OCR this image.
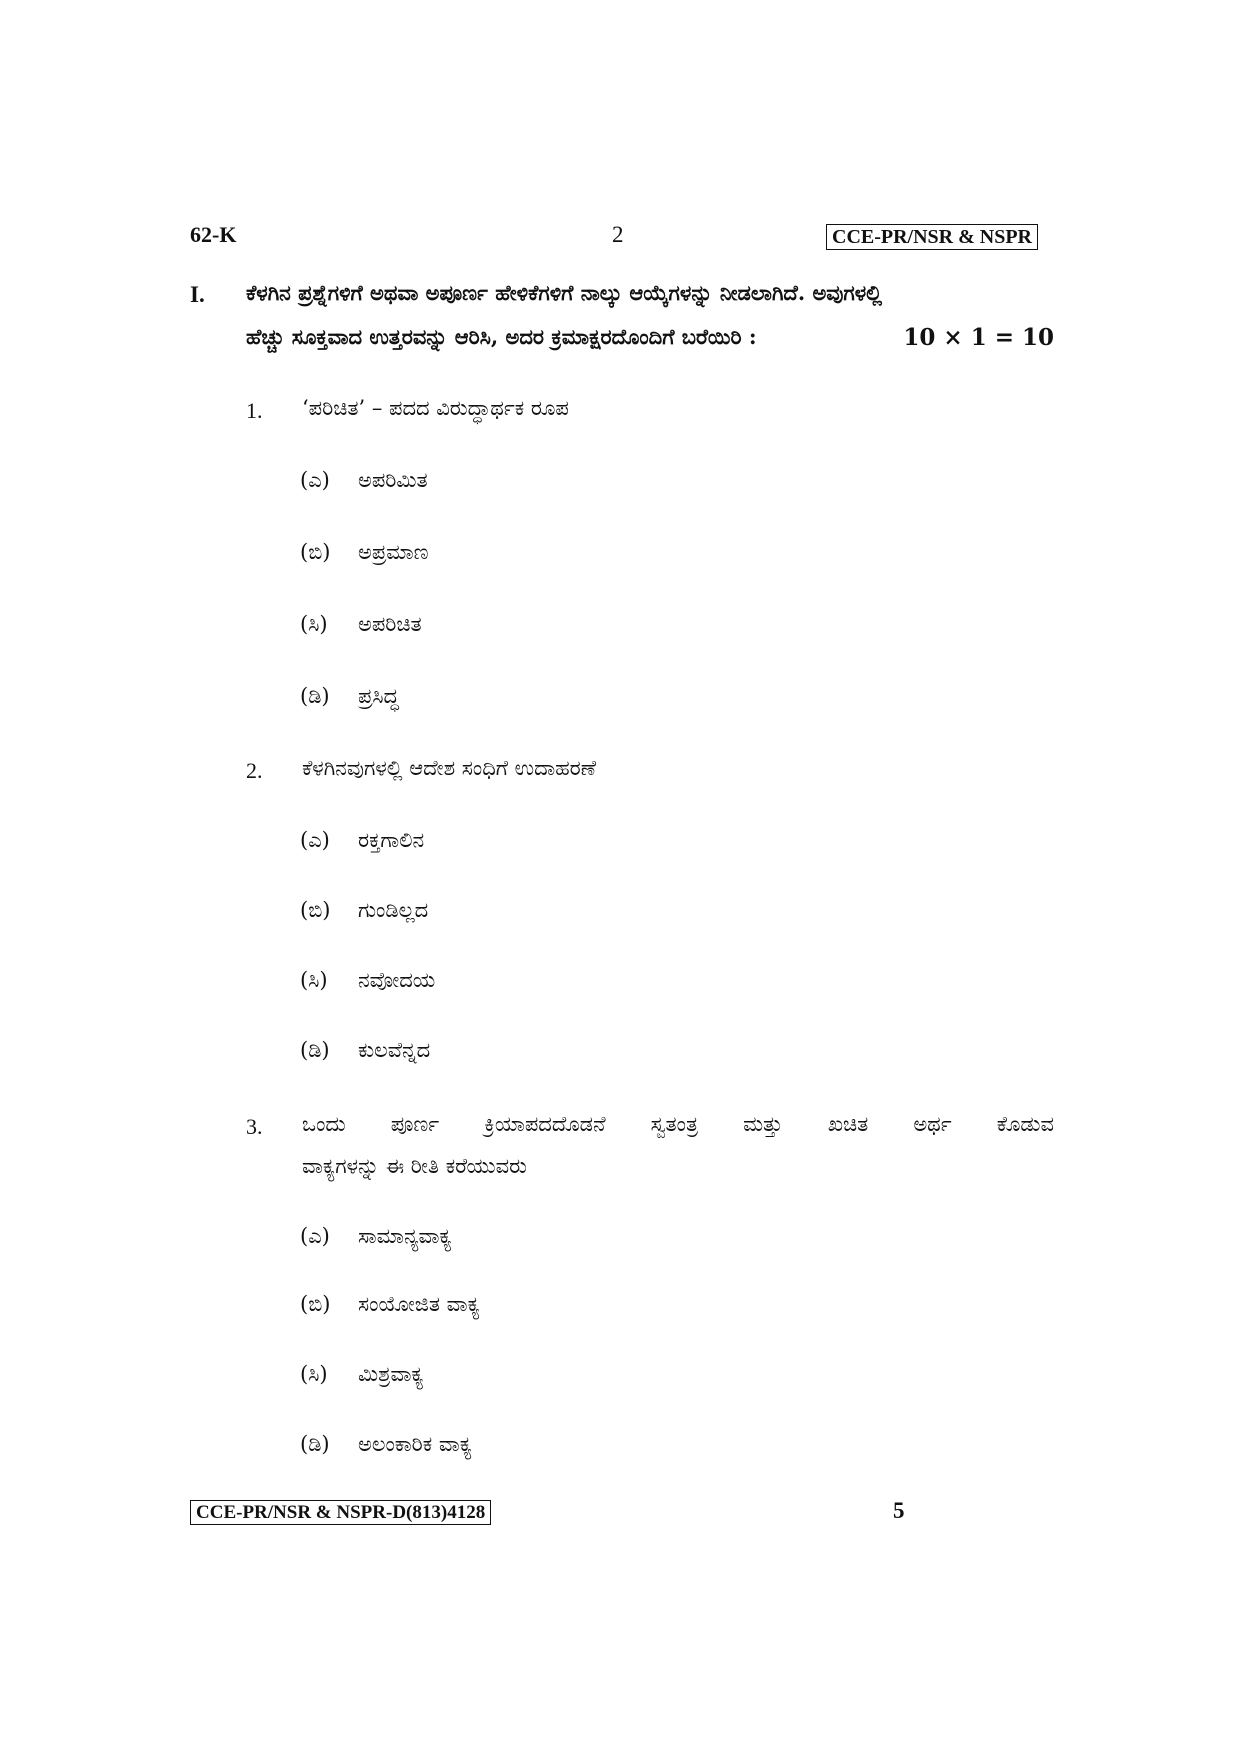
62-K	2	CCE-PR/NSR & NSPR
I. ಕೆಳಗಿನ ಪ್ರಶ್ನೆಗಳಿಗೆ ಅಥವಾ ಅಪೂರ್ಣ ಹೇಳಿಕೆಗಳಿಗೆ ನಾಲ್ಕು ಆಯ್ಕೆಗಳನ್ನು ನೀಡಲಾಗಿದೆ. ಅವುಗಳಲ್ಲಿ
ಹೆಚ್ಚು ಸೂಕ್ತವಾದ ಉತ್ತರವನ್ನು ಆರಿಸಿ, ಅದರ ಕ್ರಮಾಕ್ಷರದೊಂದಿಗೆ ಬರೆಯಿರಿ :	10 × 1 = 10
1. ‘ಪರಿಚಿತ’ – ಪದದ ವಿರುದ್ಧಾರ್ಥಕ ರೂಪ
(ಎ) ಅಪರಿಮಿತ
(ಬಿ) ಅಪ್ರಮಾಣ
(ಸಿ) ಅಪರಿಚಿತ
(ಡಿ) ಪ್ರಸಿದ್ಧ
2. ಕೆಳಗಿನವುಗಳಲ್ಲಿ ಆದೇಶ ಸಂಧಿಗೆ ಉದಾಹರಣೆ
(ಎ) ರಕ್ತಗಾಲಿನ
(ಬಿ) ಗುಂಡಿಲ್ಲದ
(ಸಿ) ನವೋದಯ
(ಡಿ) ಕುಲವೆನ್ನದ
3. ಒಂದು ಪೂರ್ಣ ಕ್ರಿಯಾಪದದೊಡನೆ ಸ್ವತಂತ್ರ ಮತ್ತು ಖಚಿತ ಅರ್ಥ ಕೊಡುವ
ವಾಕ್ಯಗಳನ್ನು ಈ ರೀತಿ ಕರೆಯುವರು
(ಎ) ಸಾಮಾನ್ಯವಾಕ್ಯ
(ಬಿ) ಸಂಯೋಜಿತ ವಾಕ್ಯ
(ಸಿ) ಮಿಶ್ರವಾಕ್ಯ
(ಡಿ) ಅಲಂಕಾರಿಕ ವಾಕ್ಯ
CCE-PR/NSR & NSPR-D(813)4128	5
